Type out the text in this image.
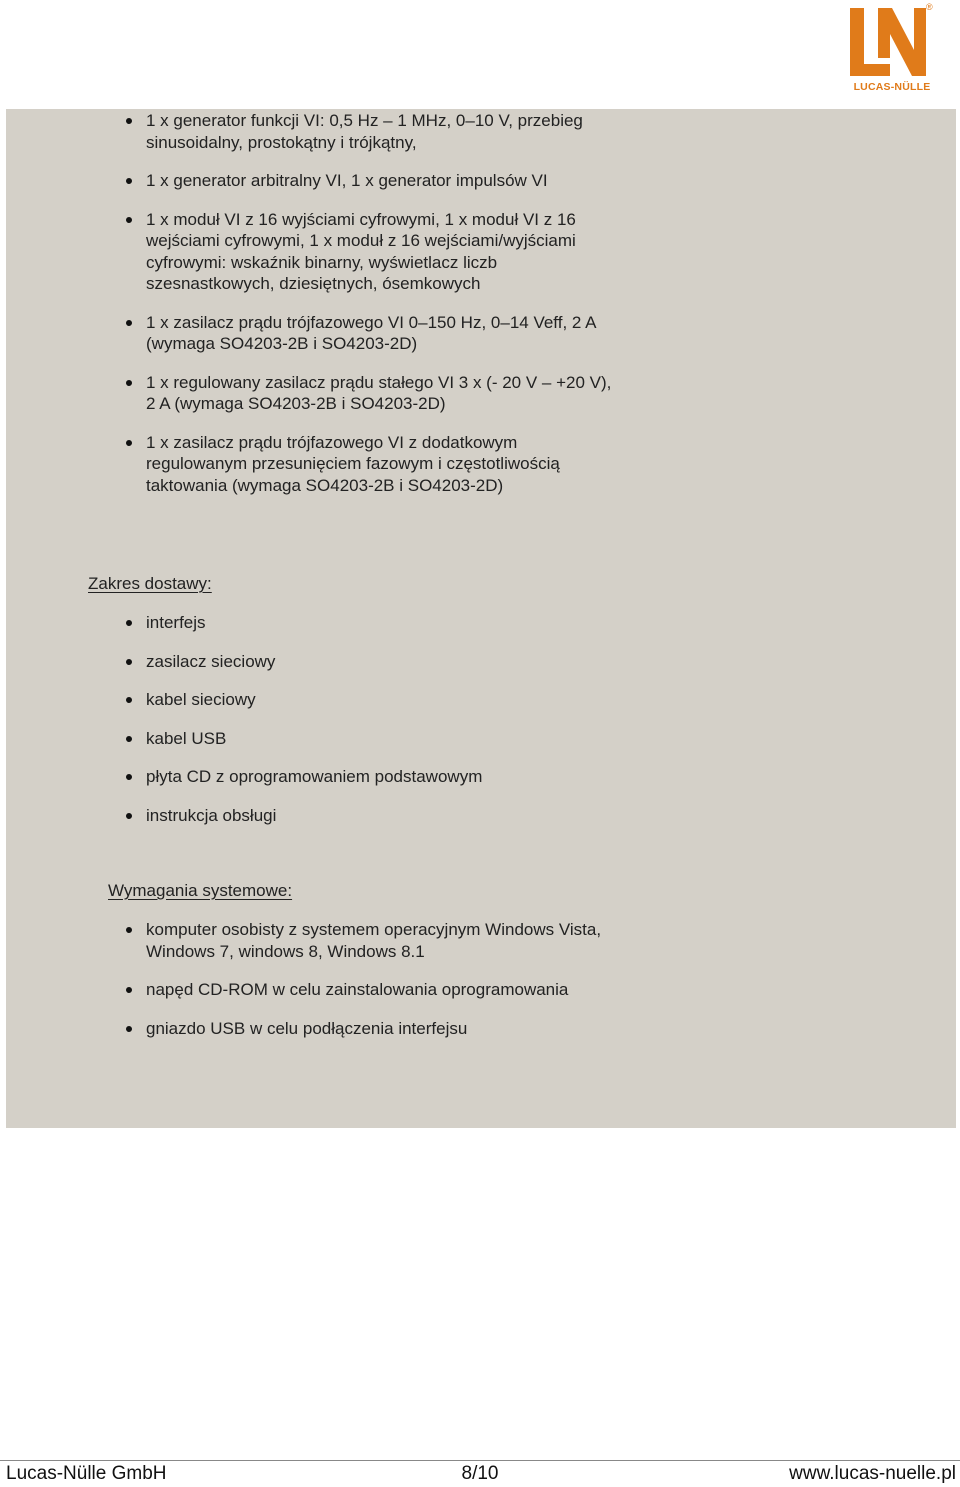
®
LUCAS-NÜLLE
1 x generator funkcji VI: 0,5 Hz – 1 MHz, 0–10 V, przebieg sinusoidalny, prostokątny i trójkątny,
1 x generator arbitralny VI, 1 x generator impulsów VI
1 x moduł VI z 16 wyjściami cyfrowymi, 1 x moduł VI z 16 wejściami cyfrowymi, 1 x moduł z 16 wejściami/wyjściami cyfrowymi: wskaźnik binarny, wyświetlacz liczb szesnastkowych, dziesiętnych, ósemkowych
1 x zasilacz prądu trójfazowego VI 0–150 Hz, 0–14 Veff, 2 A (wymaga SO4203-2B i SO4203-2D)
1 x regulowany zasilacz prądu stałego VI 3 x (- 20 V – +20 V), 2 A (wymaga SO4203-2B i SO4203-2D)
1 x zasilacz prądu trójfazowego VI z dodatkowym regulowanym przesunięciem fazowym i częstotliwością taktowania (wymaga SO4203-2B i SO4203-2D)
Zakres dostawy:
interfejs
zasilacz sieciowy
kabel sieciowy
kabel USB
płyta CD z oprogramowaniem podstawowym
instrukcja obsługi
Wymagania systemowe:
komputer osobisty z systemem operacyjnym Windows Vista, Windows 7, windows 8, Windows 8.1
napęd CD-ROM w celu zainstalowania oprogramowania
gniazdo USB w celu podłączenia interfejsu
Lucas-Nülle GmbH	8/10	www.lucas-nuelle.pl
